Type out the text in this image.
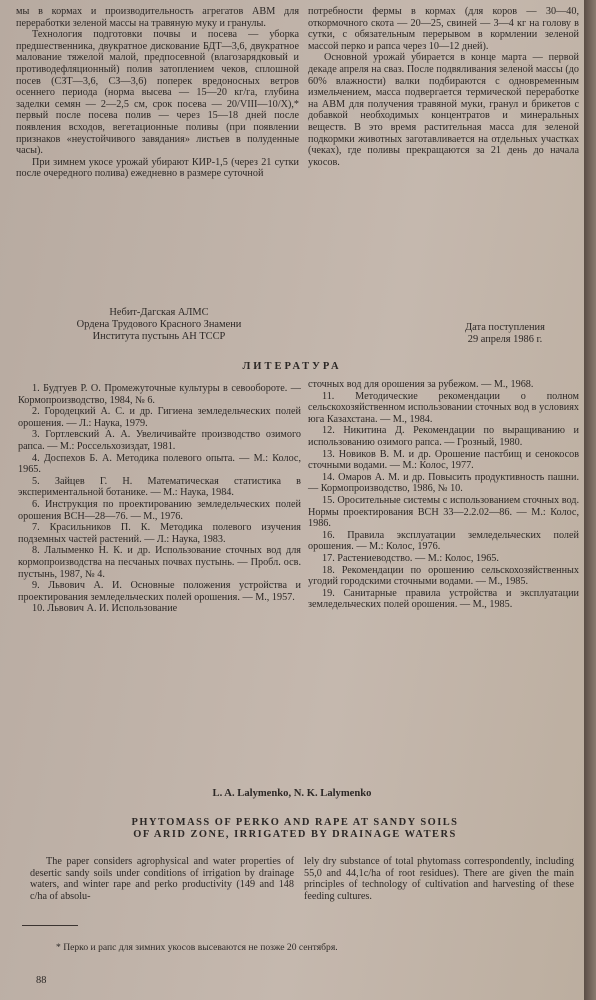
мы в кормах и производительность агрегатов АВМ для переработки зеленой массы на травяную муку и гранулы.

Технология подготовки почвы и посева — уборка предшественника, двукратное дискование БДТ—3,6, двукратное малование тяжелой малой, предпосевной (влагозарядковый и противодефляционный) полив затоплением чеков, сплошной посев (СЗТ—3,6, СЗ—3,6) поперек вредоносных ветров осеннего периода (норма высева — 15—20 кг/га, глубина заделки семян — 2—2,5 см, срок посева — 20/VIII—10/X),* первый после посева полив — через 15—18 дней после появления всходов, вегетационные поливы (при появлении признаков «неустойчивого завядания» листьев в полуденные часы).

При зимнем укосе урожай убирают КИР-1,5 (через 21 сутки после очередного полива) ежедневно в размере суточной

потребности фермы в кормах (для коров — 30—40, откормочного скота — 20—25, свиней — 3—4 кг на голову в сутки, с обязательным перерывом в кормлении зеленой массой перко и рапса через 10—12 дней).

Основной урожай убирается в конце марта — первой декаде апреля на сваз. После подвяливания зеленой массы (до 60% влажности) валки подбираются с одновременным измельчением, масса подвергается термической переработке на АВМ для получения травяной муки, гранул и брикетов с добавкой необходимых концентратов и минеральных веществ. В это время растительная масса для зеленой подкормки животных заготавливается на отдельных участках (чеках), где поливы прекращаются за 21 день до начала укосов.

Небит-Дагская АЛМС
Ордена Трудового Красного Знамени
Института пустынь АН ТССР
Дата поступления
29 апреля 1986 г.
ЛИТЕРАТУРА

1. Будтуев Р. О. Промежуточные культуры в севообороте. — Кормопроизводство, 1984, № 6.

2. Городецкий А. С. и др. Гигиена земледельческих полей орошения. — Л.: Наука, 1979.

3. Гортлевский А. А. Увеличивайте производство озимого рапса. — М.: Россельхозиздат, 1981.

4. Доспехов Б. А. Методика полевого опыта. — М.: Колос, 1965.

5. Зайцев Г. Н. Математическая статистика в экспериментальной ботанике. — М.: Наука, 1984.

6. Инструкция по проектированию земледельческих полей орошения ВСН—28—76. — М., 1976.

7. Красильников П. К. Методика полевого изучения подземных частей растений. — Л.: Наука, 1983.

8. Лалыменко Н. К. и др. Использование сточных вод для кормопроизводства на песчаных почвах пустынь. — Пробл. осв. пустынь, 1987, № 4.

9. Львович А. И. Основные положения устройства и проектирования земледельческих полей орошения. — М., 1957.

10. Львович А. И. Использование

сточных вод для орошения за рубежом. — М., 1968.

11. Методические рекомендации о полном сельскохозяйственном использовании сточных вод в условиях юга Казахстана. — М., 1984.

12. Никитина Д. Рекомендации по выращиванию и использованию озимого рапса. — Грозный, 1980.

13. Новиков В. М. и др. Орошение пастбищ и сенокосов сточными водами. — М.: Колос, 1977.

14. Омаров А. М. и др. Повысить продуктивность пашни. — Кормопроизводство, 1986, № 10.

15. Оросительные системы с использованием сточных вод. Нормы проектирования ВСН 33—2.2.02—86. — М.: Колос, 1986.

16. Правила эксплуатации земледельческих полей орошения. — М.: Колос, 1976.

17. Растениеводство. — М.: Колос, 1965.

18. Рекомендации по орошению сельскохозяйственных угодий городскими сточными водами. — М., 1985.

19. Санитарные правила устройства и эксплуатации земледельческих полей орошения. — М., 1985.

L. A. Lalymenko, N. K. Lalymenko
PHYTOMASS OF PERKO AND RAPE AT SANDY SOILS
OF ARID ZONE, IRRIGATED BY DRAINAGE WATERS

The paper considers agrophysical and water properties of desertic sandy soils under conditions of irrigation by drainage waters, and winter rape and perko productivity (149 and 148 c/ha of absolu-

lely dry substance of total phytomass correspondently, including 55,0 and 44,1c/ha of root residues). There are given the main principles of technology of cultivation and harvesting of these feeding cultures.

* Перко и рапс для зимних укосов высеваются не позже 20 сентября.
88
